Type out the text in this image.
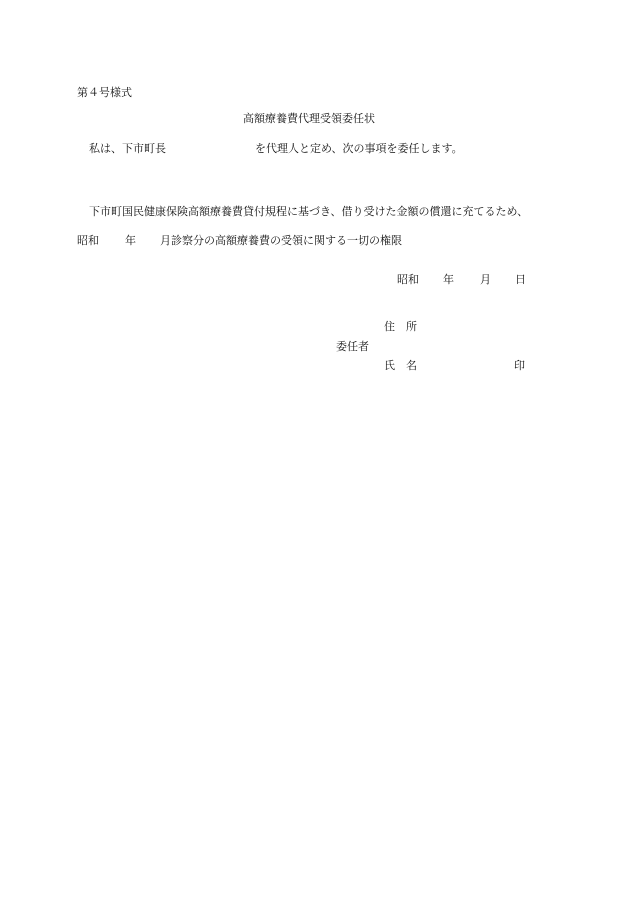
第４号様式
高額療養費代理受領委任状
私は、下市町長	を代理人と定め、次の事項を委任します。
下市町国民健康保険高額療養費貸付規程に基づき、借り受けた金額の償還に充てるため、
昭和 年 月診察分の高額療養費の受領に関する一切の権限
昭和 年 月 日
住　所
委任者
氏　名	印
